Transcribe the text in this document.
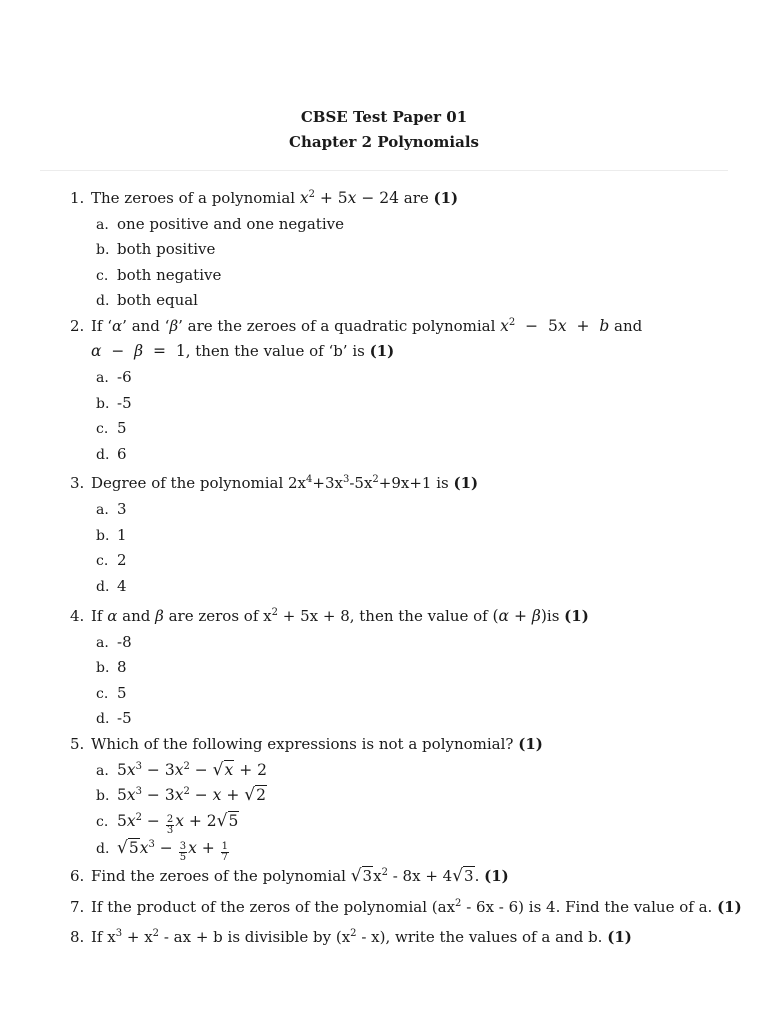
CBSE Test Paper 01
Chapter 2 Polynomials
1. The zeroes of a polynomial $x^2 + 5x - 24$ are (1)
a. one positive and one negative
b. both positive
c. both negative
d. both equal
2. If ‘α’ and ‘β’ are the zeroes of a quadratic polynomial $x^2 - 5x + b$ and
α  −  β  =  1, then the value of ‘b’ is (1)
a. -6
b. -5
c. 5
d. 6
3. Degree of the polynomial $2x^4+3x^3-5x^2+9x+1$ is (1)
a. 3
b. 1
c. 2
d. 4
4. If α and β are zeros of $x^2 + 5x + 8$, then the value of (α + β)is (1)
a. -8
b. 8
c. 5
d. -5
5. Which of the following expressions is not a polynomial? (1)
a. $5x^3 - 3x^2 - √x + 2$
b. $5x^3 - 3x^2 - x + √2$
c. $5x^2 - \frac{2}{3}$ x + 2√5
d. $√5x^3 - \frac{3}{5}$ $x + \frac{1}{7}$
6. Find the zeroes of the polynomial $√3x^2 - 8x + 4√3$. (1)
7. If the product of the zeros of the polynomial $(ax^2 - 6x - 6)$ is 4. Find the value of a. (1)
8. If $x^3 + x^2$ - ax + b is divisible by $(x^2 - x)$, write the values of a and b. (1)
